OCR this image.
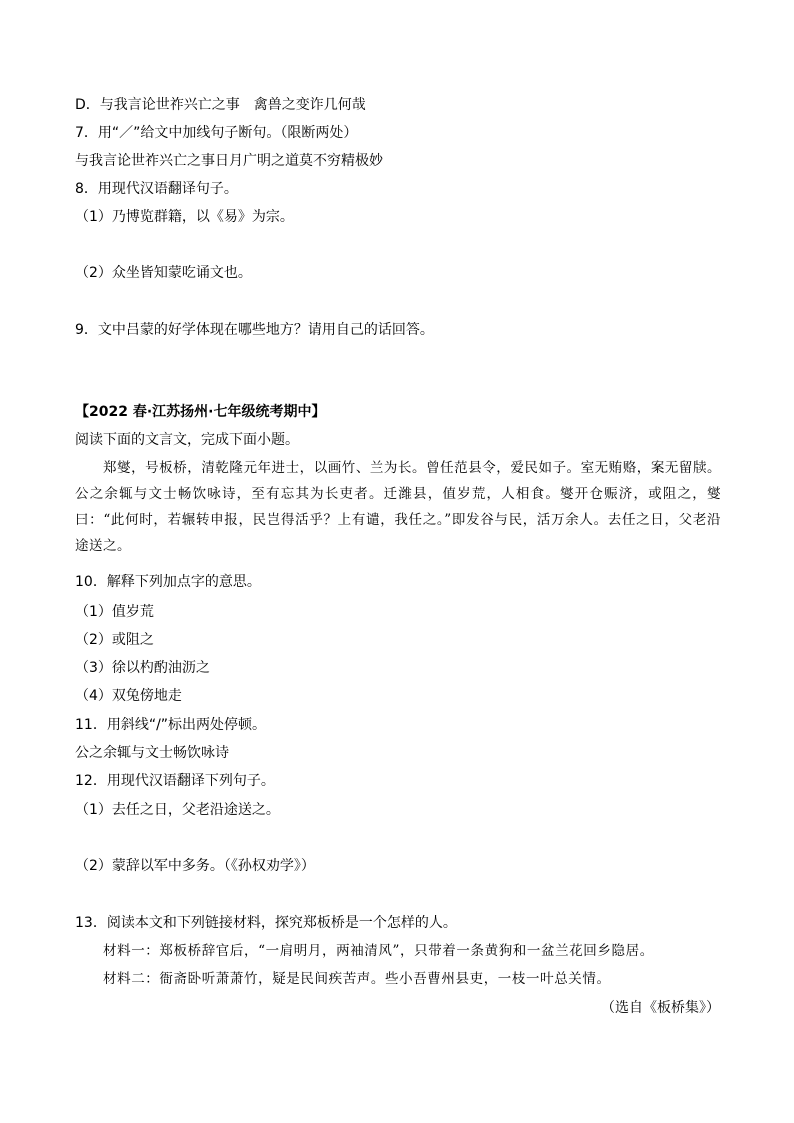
D．与我言论世祚兴亡之事　禽兽之变诈几何哉
7．用“／”给文中加线句子断句。（限断两处）
与我言论世祚兴亡之事日月广明之道莫不穷精极妙
8．用现代汉语翻译句子。
（1）乃博览群籍，以《易》为宗。
（2）众坐皆知蒙吃诵文也。
9．文中吕蒙的好学体现在哪些地方？请用自己的话回答。
【2022 春·江苏扬州·七年级统考期中】
阅读下面的文言文，完成下面小题。
郑燮，号板桥，清乾隆元年进士，以画竹、兰为长。曾任范县令，爱民如子。室无贿赂，案无留牍。公之余辄与文士畅饮咏诗，至有忘其为长吏者。迁潍县，值岁荒，人相食。燮开仓赈济，或阻之，燮曰：“此何时，若辗转申报，民岂得活乎？上有谴，我任之。”即发谷与民，活万余人。去任之日，父老沿途送之。
10．解释下列加点字的意思。
（1）值岁荒
（2）或阻之
（3）徐以杓酌油沥之
（4）双兔傍地走
11．用斜线“/”标出两处停顿。
公之余辄与文士畅饮咏诗
12．用现代汉语翻译下列句子。
（1）去任之日，父老沿途送之。
（2）蒙辞以军中多务。（《孙权劝学》）
13．阅读本文和下列链接材料，探究郑板桥是一个怎样的人。
材料一：郑板桥辞官后，“一肩明月，两袖清风”，只带着一条黄狗和一盆兰花回乡隐居。
材料二：衙斋卧听萧萧竹，疑是民间疾苦声。些小吾曹州县吏，一枝一叶总关情。
（选自《板桥集》）
